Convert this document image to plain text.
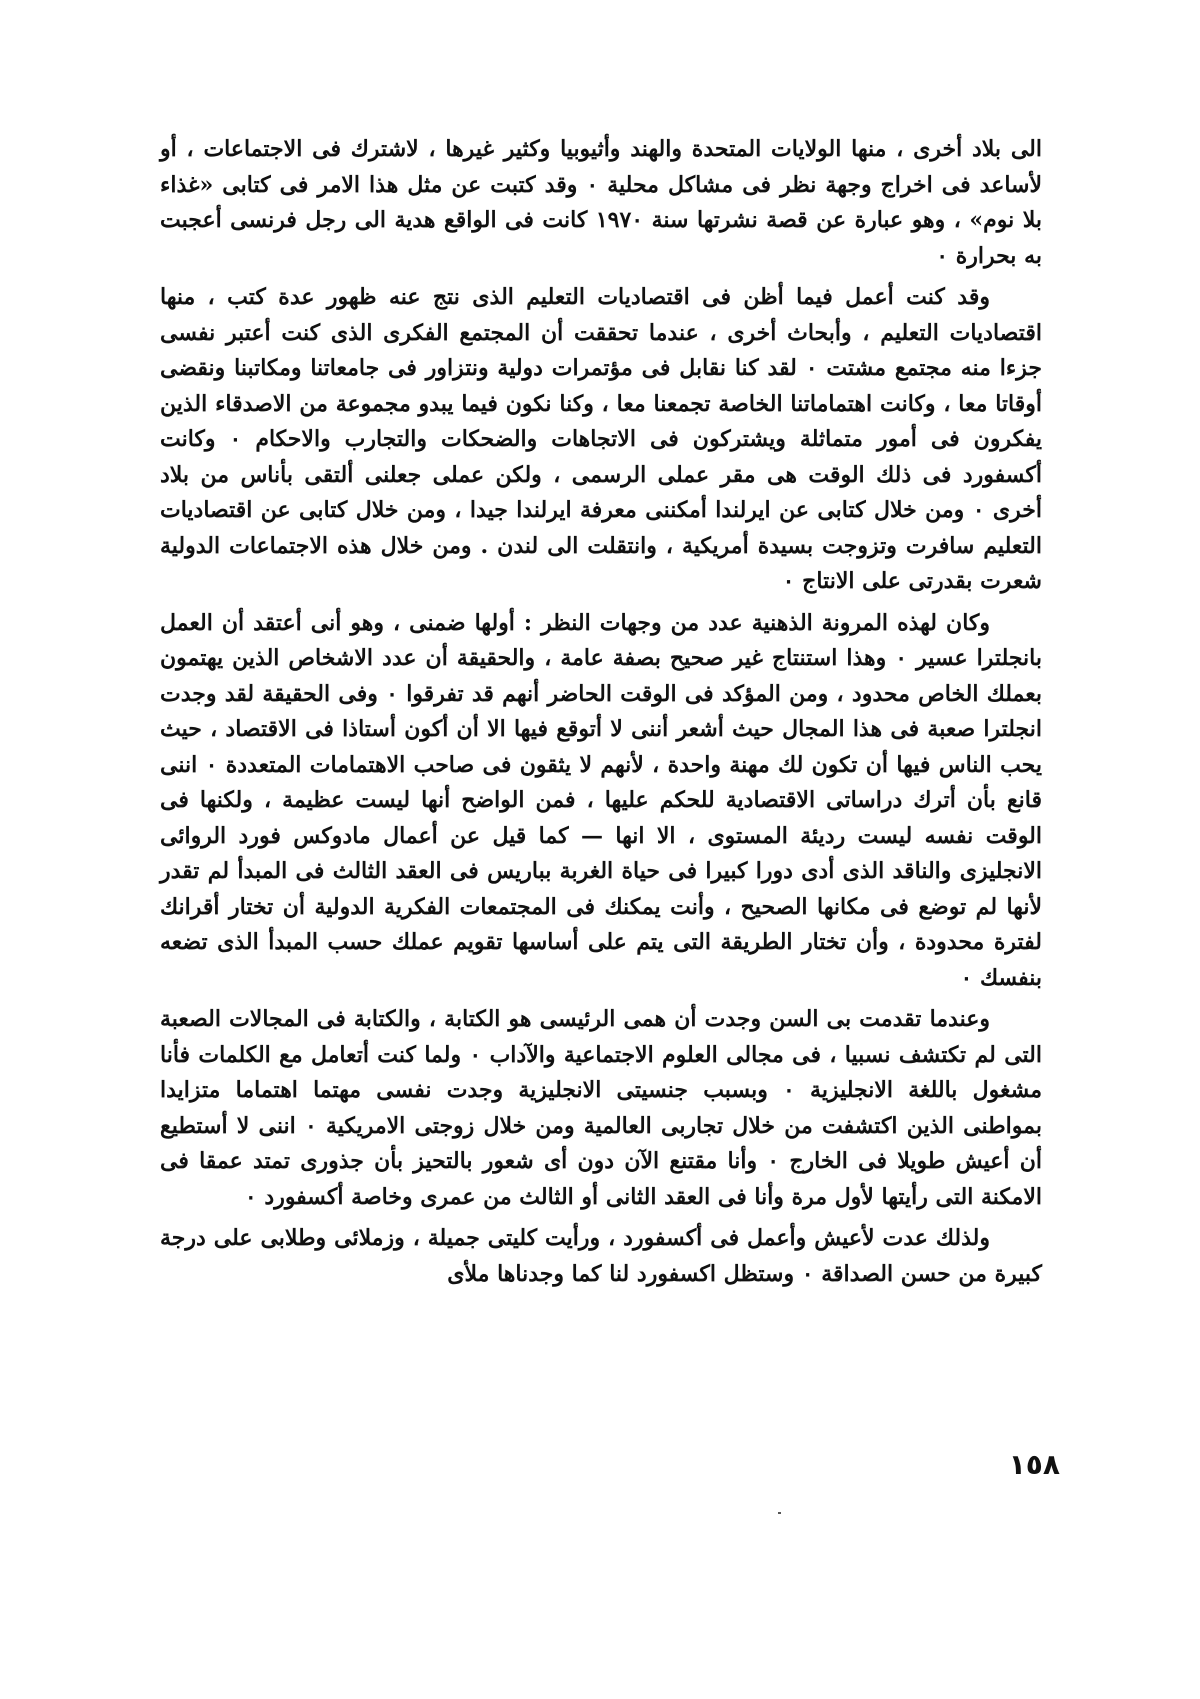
الى بلاد أخرى ، منها الولايات المتحدة والهند وأثيوبيا وكثير غيرها ، لاشترك فى الاجتماعات ، أو لأساعد فى اخراج وجهة نظر فى مشاكل محلية ٠ وقد كتبت عن مثل هذا الامر فى كتابى «غذاء بلا نوم» ، وهو عبارة عن قصة نشرتها سنة ١٩٧٠ كانت فى الواقع هدية الى رجل فرنسى أعجبت به بحرارة ٠

وقد كنت أعمل فيما أظن فى اقتصاديات التعليم الذى نتج عنه ظهور عدة كتب ، منها اقتصاديات التعليم ، وأبحاث أخرى ، عندما تحققت أن المجتمع الفكرى الذى كنت أعتبر نفسى جزءا منه مجتمع مشتت ٠ لقد كنا نقابل فى مؤتمرات دولية ونتزاور فى جامعاتنا ومكاتبنا ونقضى أوقاتا معا ، وكانت اهتماماتنا الخاصة تجمعنا معا ، وكنا نكون فيما يبدو مجموعة من الاصدقاء الذين يفكرون فى أمور متماثلة ويشتركون فى الاتجاهات والضحكات والتجارب والاحكام ٠ وكانت أكسفورد فى ذلك الوقت هى مقر عملى الرسمى ، ولكن عملى جعلنى ألتقى بأناس من بلاد أخرى ٠ ومن خلال كتابى عن ايرلندا أمكننى معرفة ايرلندا جيدا ، ومن خلال كتابى عن اقتصاديات التعليم سافرت وتزوجت بسيدة أمريكية ، وانتقلت الى لندن . ومن خلال هذه الاجتماعات الدولية شعرت بقدرتى على الانتاج ٠

وكان لهذه المرونة الذهنية عدد من وجهات النظر : أولها ضمنى ، وهو أنى أعتقد أن العمل بانجلترا عسير ٠ وهذا استنتاج غير صحيح بصفة عامة ، والحقيقة أن عدد الاشخاص الذين يهتمون بعملك الخاص محدود ، ومن المؤكد فى الوقت الحاضر أنهم قد تفرقوا ٠ وفى الحقيقة لقد وجدت انجلترا صعبة فى هذا المجال حيث أشعر أننى لا أتوقع فيها الا أن أكون أستاذا فى الاقتصاد ، حيث يحب الناس فيها أن تكون لك مهنة واحدة ، لأنهم لا يثقون فى صاحب الاهتمامات المتعددة ٠ اننى قانع بأن أترك دراساتى الاقتصادية للحكم عليها ، فمن الواضح أنها ليست عظيمة ، ولكنها فى الوقت نفسه ليست رديئة المستوى ، الا انها — كما قيل عن أعمال مادوكس فورد الروائى الانجليزى والناقد الذى أدى دورا كبيرا فى حياة الغربة بباريس فى العقد الثالث فى المبدأ لم تقدر لأنها لم توضع فى مكانها الصحيح ، وأنت يمكنك فى المجتمعات الفكرية الدولية أن تختار أقرانك لفترة محدودة ، وأن تختار الطريقة التى يتم على أساسها تقويم عملك حسب المبدأ الذى تضعه بنفسك ٠

وعندما تقدمت بى السن وجدت أن همى الرئيسى هو الكتابة ، والكتابة فى المجالات الصعبة التى لم تكتشف نسبيا ، فى مجالى العلوم الاجتماعية والآداب ٠ ولما كنت أتعامل مع الكلمات فأنا مشغول باللغة الانجليزية ٠ وبسبب جنسيتى الانجليزية وجدت نفسى مهتما اهتماما متزايدا بمواطنى الذين اكتشفت من خلال تجاربى العالمية ومن خلال زوجتى الامريكية ٠ اننى لا أستطيع أن أعيش طويلا فى الخارج ٠ وأنا مقتنع الآن دون أى شعور بالتحيز بأن جذورى تمتد عمقا فى الامكنة التى رأيتها لأول مرة وأنا فى العقد الثانى أو الثالث من عمرى وخاصة أكسفورد ٠

ولذلك عدت لأعيش وأعمل فى أكسفورد ، ورأيت كليتى جميلة ، وزملائى وطلابى على درجة كبيرة من حسن الصداقة ٠ وستظل اكسفورد لنا كما وجدناها ملأى

١٥٨
